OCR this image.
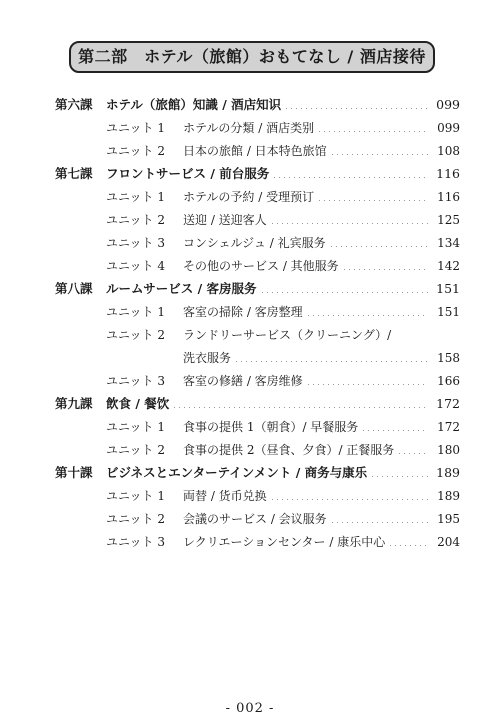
第二部　ホテル（旅館）おもてなし / 酒店接待
第六課	ホテル（旅館）知識 / 酒店知识	099
ユニット 1	ホテルの分類 / 酒店类别	099
ユニット 2	日本の旅館 / 日本特色旅馆	108
第七課	フロントサービス / 前台服务	116
ユニット 1	ホテルの予約 / 受理预订	116
ユニット 2	送迎 / 送迎客人	125
ユニット 3	コンシェルジュ / 礼宾服务	134
ユニット 4	その他のサービス / 其他服务	142
第八課	ルームサービス / 客房服务	151
ユニット 1	客室の掃除 / 客房整理	151
ユニット 2	ランドリーサービス（クリーニング）/
洗衣服务	158
ユニット 3	客室の修繕 / 客房维修	166
第九課	飲食 / 餐饮	172
ユニット 1	食事の提供 1（朝食）/ 早餐服务	172
ユニット 2	食事の提供 2（昼食、夕食）/ 正餐服务	180
第十課	ビジネスとエンターテインメント / 商务与康乐	189
ユニット 1	両替 / 货币兑换	189
ユニット 2	会議のサービス / 会议服务	195
ユニット 3	レクリエーションセンター / 康乐中心	204
- 002 -
